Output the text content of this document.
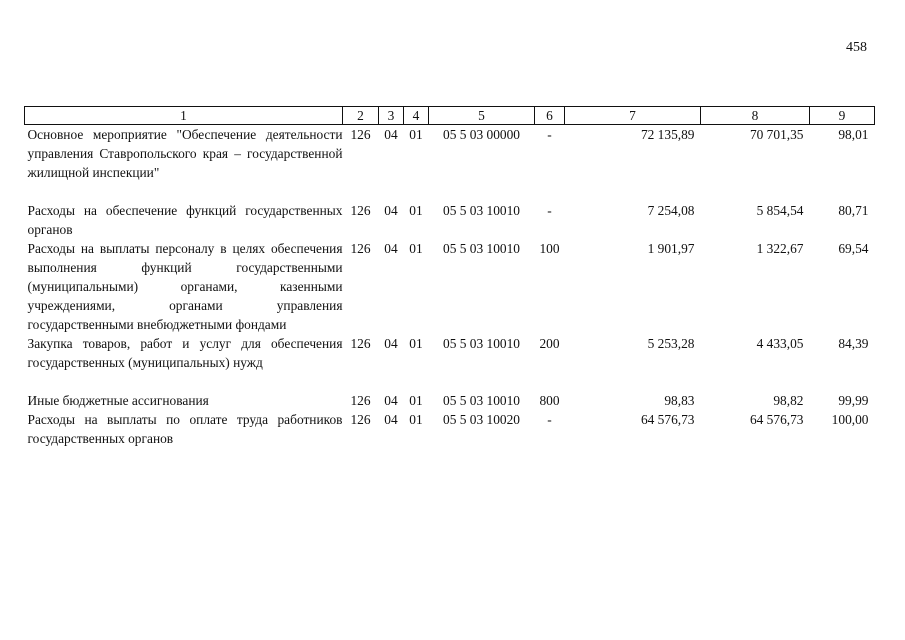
458
1	2	3	4	5	6	7	8	9
Основное мероприятие "Обеспечение деятельности управления Ставропольского края – государственной жилищной инспекции"	126	04	01	05 5 03 00000	-	72 135,89	70 701,35	98,01
Расходы на обеспечение функций государственных органов	126	04	01	05 5 03 10010	-	7 254,08	5 854,54	80,71
Расходы на выплаты персоналу в целях обеспечения выполнения функций государственными (муниципальными) органами, казенными учреждениями, органами управления государственными внебюджетными фондами	126	04	01	05 5 03 10010	100	1 901,97	1 322,67	69,54
Закупка товаров, работ и услуг для обеспечения государственных (муниципальных) нужд	126	04	01	05 5 03 10010	200	5 253,28	4 433,05	84,39
Иные бюджетные ассигнования	126	04	01	05 5 03 10010	800	98,83	98,82	99,99
Расходы на выплаты по оплате труда работников государственных органов	126	04	01	05 5 03 10020	-	64 576,73	64 576,73	100,00
